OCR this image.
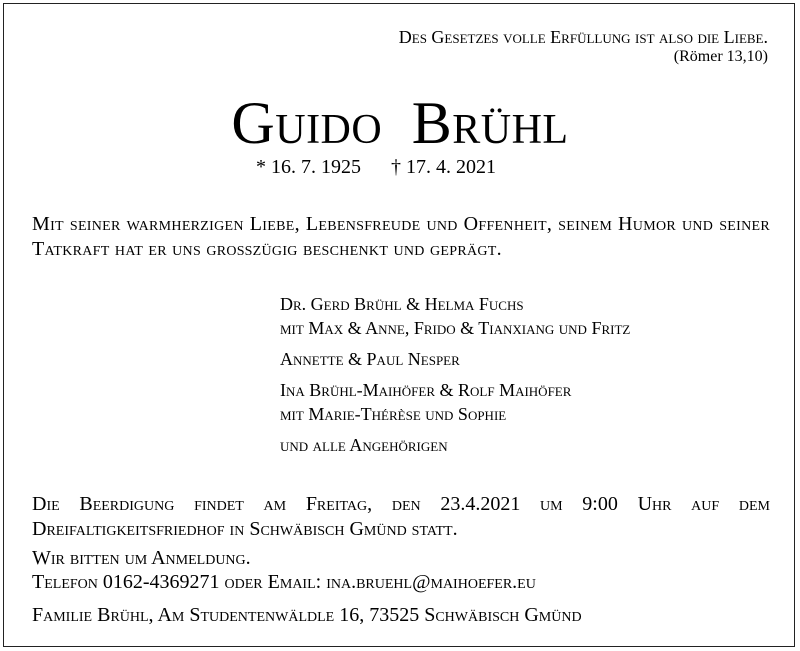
Des Gesetzes volle Erfüllung ist also die Liebe.
(Römer 13,10)
Guido Brühl
* 16. 7. 1925 † 17. 4. 2021
Mit seiner warmherzigen Liebe, Lebensfreude und Offenheit, seinem Humor und seiner Tatkraft hat er uns großzügig beschenkt und geprägt.
Dr. Gerd Brühl & Helma Fuchs
mit Max & Anne, Frido & Tianxiang und Fritz
Annette & Paul Nesper
Ina Brühl-Maihöfer & Rolf Maihöfer
mit Marie-Thérèse und Sophie
und alle Angehörigen
Die Beerdigung findet am Freitag, den 23.4.2021 um 9:00 Uhr auf dem Dreifaltigkeitsfriedhof in Schwäbisch Gmünd statt.
Wir bitten um Anmeldung.
Telefon 0162-4369271 oder Email: ina.bruehl@maihoefer.eu
Familie Brühl, Am Studentenwäldle 16, 73525 Schwäbisch Gmünd
